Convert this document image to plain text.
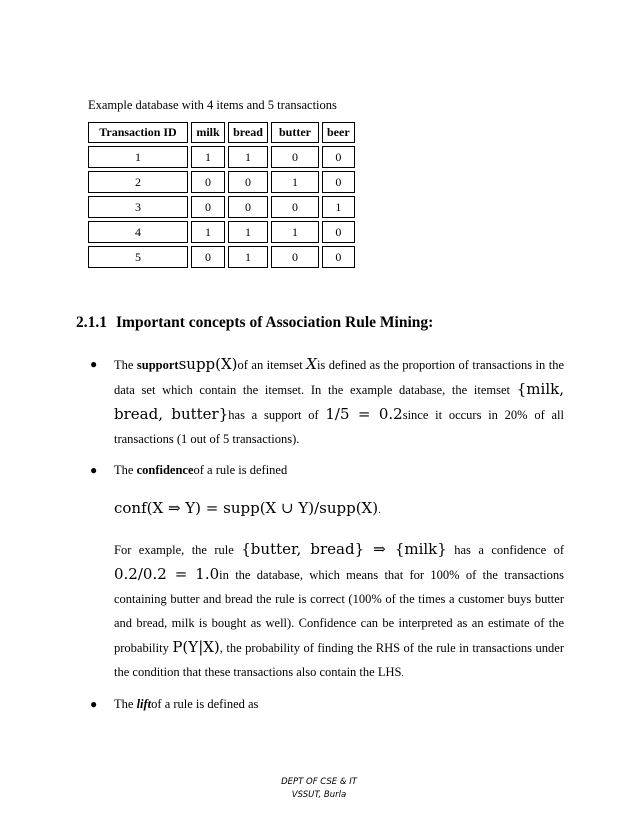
Example database with 4 items and 5 transactions
Transaction ID	milk	bread	butter	beer
1	1	1	0	0
2	0	0	1	0
3	0	0	0	1
4	1	1	1	0
5	0	1	0	0
2.1.1 Important concepts of Association Rule Mining:
● The supportsupp(X)of an itemset Xis defined as the proportion of transactions in the data set which contain the itemset. In the example database, the itemset {milk, bread, butter}has a support of 1/5 = 0.2since it occurs in 20% of all transactions (1 out of 5 transactions).
● The confidenceof a rule is defined
conf(X ⇒ Y) = supp(X ∪ Y)/supp(X).
For example, the rule {butter, bread} ⇒ {milk} has a confidence of 0.2/0.2 = 1.0in the database, which means that for 100% of the transactions containing butter and bread the rule is correct (100% of the times a customer buys butter and bread, milk is bought as well). Confidence can be interpreted as an estimate of the probability P(Y|X), the probability of finding the RHS of the rule in transactions under the condition that these transactions also contain the LHS.
● The liftof a rule is defined as
DEPT OF CSE & IT
VSSUT, Burla
